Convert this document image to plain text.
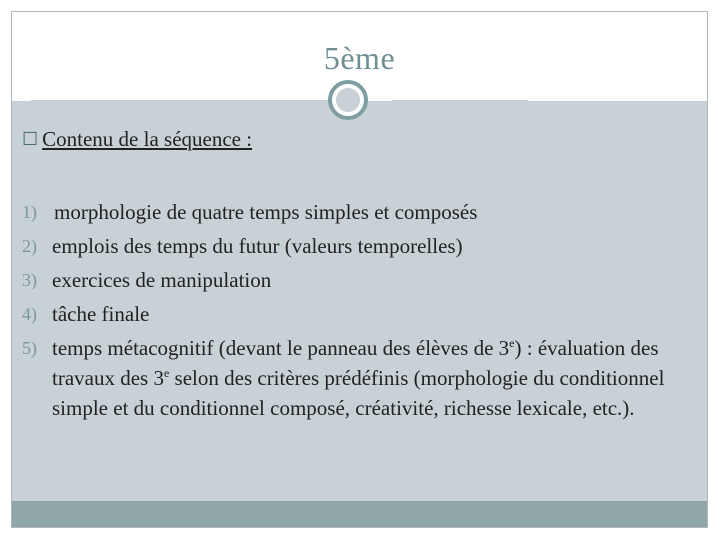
5ème
☐ Contenu de la séquence :
1) morphologie de quatre temps simples et composés
2) emplois des temps du futur (valeurs temporelles)
3) exercices de manipulation
4) tâche finale
5) temps métacognitif (devant le panneau des élèves de 3e) : évaluation des travaux des 3e selon des critères prédéfinis (morphologie du conditionnel simple et du conditionnel composé, créativité, richesse lexicale, etc.).
